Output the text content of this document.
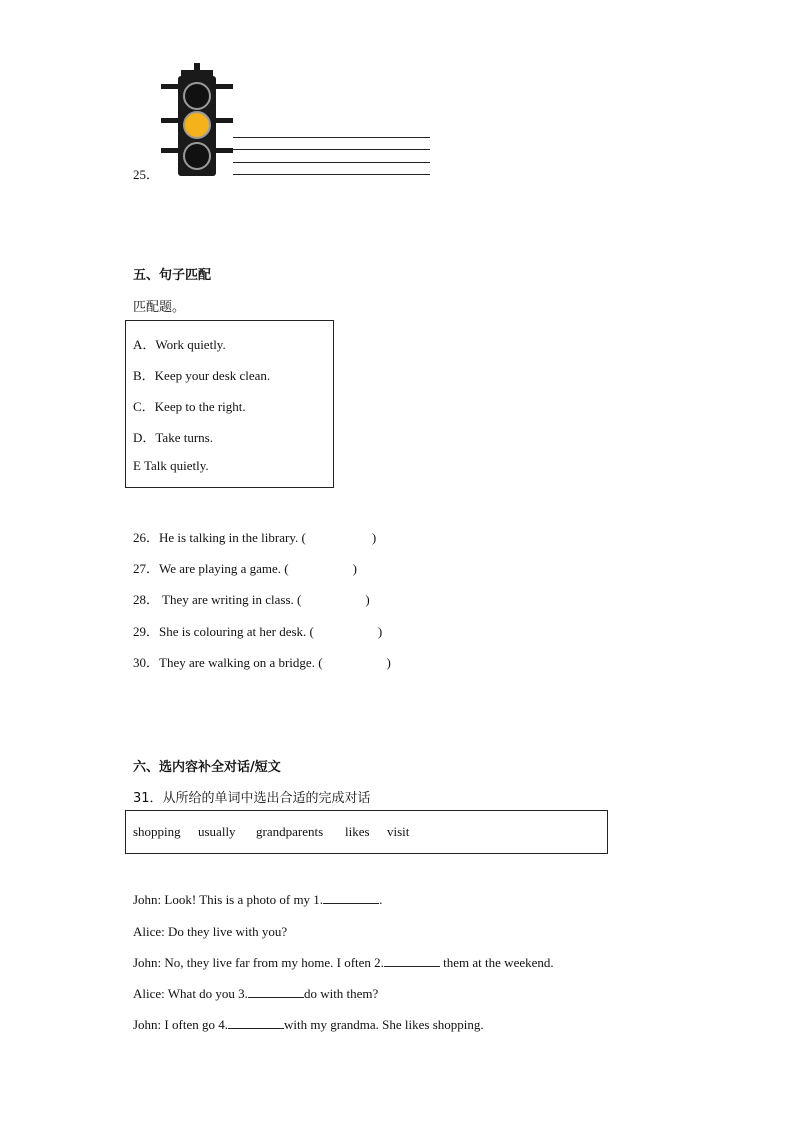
25．
五、句子匹配
匹配题。
A．Work quietly.
B．Keep your desk clean.
C．Keep to the right.
D．Take turns.
E Talk quietly.
26．He is talking in the library. (	)
27．We are playing a game. (	)
28． They are writing in class. (	)
29．She is colouring at her desk. (	)
30．They are walking on a bridge. (	)
六、选内容补全对话/短文
31．从所给的单词中选出合适的完成对话
shopping usually grandparents likes visit
John: Look! This is a photo of my 1.	.
Alice: Do they live with you?
John: No, they live far from my home. I often 2.	them at the weekend.
Alice: What do you 3.	do with them?
John: I often go 4.	with my grandma. She likes shopping.
